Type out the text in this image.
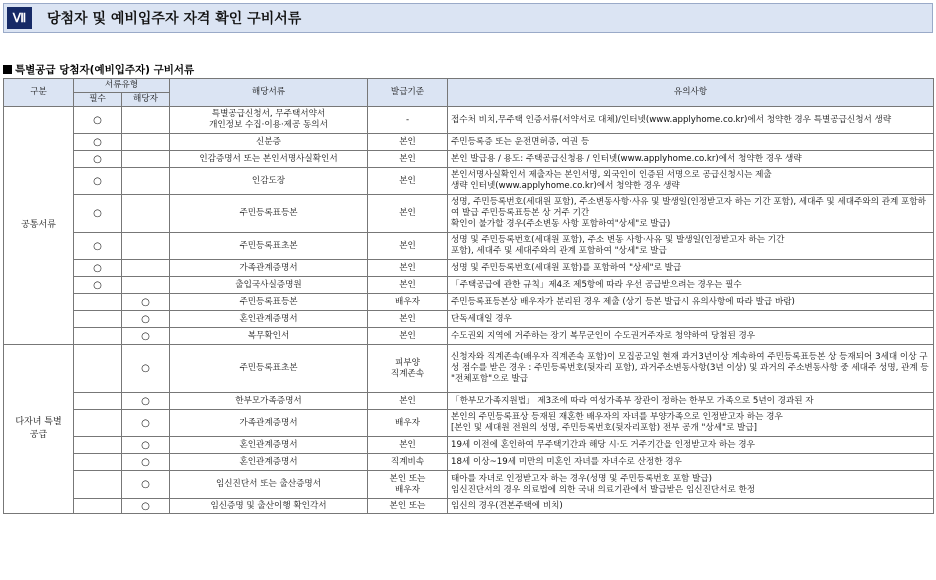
Ⅶ	당첨자 및 예비입주자 자격 확인 구비서류
특별공급 당첨자(예비입주자) 구비서류
구분	서류유형		해당서류	발급기준	유의사항
	필수	해당자			
공통서류	○		특별공급신청서, 무주택서약서
개인정보 수집·이용·제공 동의서	-	접수처 비치,무주택 인증서류(서약서로 대체)/인터넷(www.applyhome.co.kr)에서 청약한 경우 특별공급신청서 생략
	○		신분증	본인	주민등록증 또는 운전면허증, 여권 등
	○		인감증명서 또는 본인서명사실확인서	본인	본인 발급용 / 용도: 주택공급신청용 / 인터넷(www.applyhome.co.kr)에서 청약한 경우 생략
	○		인감도장	본인	본인서명사실확인서 제출자는 본인서명, 외국인이 인증된 서명으로 공급신청시는 제출
생략 인터넷(www.applyhome.co.kr)에서 청약한 경우 생략
	○		주민등록표등본	본인	성명, 주민등록번호(세대원 포함), 주소변동사항·사유 및 발생일(인정받고자 하는 기간 포함), 세대주 및 세대주와의 관계 포함하여 발급 주민등록표등본 상 거주 기간
확인이 불가할 경우(주소변동 사항 포함하여"상세"로 발급)
	○		주민등록표초본	본인	성명 및 주민등록번호(세대원 포함), 주소 변동 사항·사유 및 발생일(인정받고자 하는 기간
포함), 세대주 및 세대주와의 관계 포함하여 "상세"로 발급
	○		가족관계증명서	본인	성명 및 주민등록번호(세대원 포함)를 포함하여 "상세"로 발급
	○		출입국사실증명원	본인	「주택공급에 관한 규칙」제4조 제5항에 따라 우선 공급받으려는 경우는 필수
		○	주민등록표등본	배우자	주민등록표등본상 배우자가 분리된 경우 제출 (상기 등본 발급시 유의사항에 따라 발급 바람)
		○	혼인관계증명서	본인	단독세대일 경우
		○	복무확인서	본인	수도권외 지역에 거주하는 장기 복무군인이 수도권거주자로 청약하여 당첨된 경우
다자녀 특별공급		○	주민등록표초본	피부양
직계존속	신청자와 직계존속(배우자 직계존속 포함)이 모집공고일 현재 과거3년이상 계속하여 주민등록표등본 상 등재되어 3세대 이상 구성 점수를 받은 경우 : 주민등록번호(뒷자리 포함), 과거주소변동사항(3년 이상) 및 과거의 주소변동사항 중 세대주 성명, 관계 등 "전체포함"으로 발급
		○	한부모가족증명서	본인	「한부모가족지원법」 제3조에 따라 여성가족부 장관이 정하는 한부모 가족으로 5년이 경과된 자
		○	가족관계증명서	배우자	본인의 주민등록표상 등재된 재혼한 배우자의 자녀를 부양가족으로 인정받고자 하는 경우
[본인 및 세대원 전원의 성명, 주민등록번호(뒷자리포함) 전부 공개 "상세"로 발급]
		○	혼인관계증명서	본인	19세 이전에 혼인하여 무주택기간과 해당 시·도 거주기간을 인정받고자 하는 경우
		○	혼인관계증명서	직계비속	18세 이상~19세 미만의 미혼인 자녀를 자녀수로 산정한 경우
		○	임신진단서 또는 출산증명서	본인 또는
배우자	태아를 자녀로 인정받고자 하는 경우(성명 및 주민등록번호 포함 발급)
임신진단서의 경우 의료법에 의한 국내 의료기관에서 발급받은 임신진단서로 한정
		○	임신증명 및 출산이행 확인각서	본인 또는	임신의 경우(견본주택에 비치)
